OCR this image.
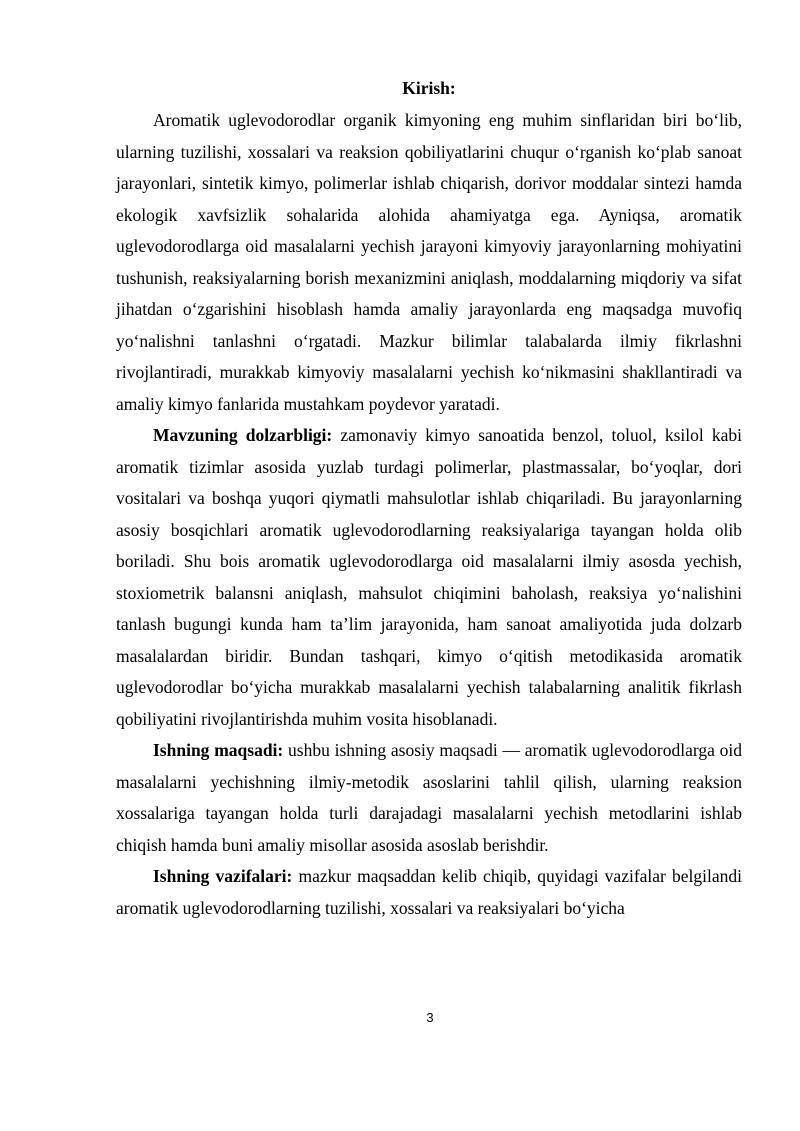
Kirish:

Aromatik uglevodorodlar organik kimyoning eng muhim sinflaridan biri bo‘lib, ularning tuzilishi, xossalari va reaksion qobiliyatlarini chuqur o‘rganish ko‘plab sanoat jarayonlari, sintetik kimyo, polimerlar ishlab chiqarish, dorivor moddalar sintezi hamda ekologik xavfsizlik sohalarida alohida ahamiyatga ega. Ayniqsa, aromatik uglevodorodlarga oid masalalarni yechish jarayoni kimyoviy jarayonlarning mohiyatini tushunish, reaksiyalarning borish mexanizmini aniqlash, moddalarning miqdoriy va sifat jihatdan o‘zgarishini hisoblash hamda amaliy jarayonlarda eng maqsadga muvofiq yo‘nalishni tanlashni o‘rgatadi. Mazkur bilimlar talabalarda ilmiy fikrlashni rivojlantiradi, murakkab kimyoviy masalalarni yechish ko‘nikmasini shakllantiradi va amaliy kimyo fanlarida mustahkam poydevor yaratadi.

Mavzuning dolzarbligi: zamonaviy kimyo sanoatida benzol, toluol, ksilol kabi aromatik tizimlar asosida yuzlab turdagi polimerlar, plastmassalar, bo‘yoqlar, dori vositalari va boshqa yuqori qiymatli mahsulotlar ishlab chiqariladi. Bu jarayonlarning asosiy bosqichlari aromatik uglevodorodlarning reaksiyalariga tayangan holda olib boriladi. Shu bois aromatik uglevodorodlarga oid masalalarni ilmiy asosda yechish, stoxiometrik balansni aniqlash, mahsulot chiqimini baholash, reaksiya yo‘nalishini tanlash bugungi kunda ham ta’lim jarayonida, ham sanoat amaliyotida juda dolzarb masalalardan biridir. Bundan tashqari, kimyo o‘qitish metodikasida aromatik uglevodorodlar bo‘yicha murakkab masalalarni yechish talabalarning analitik fikrlash qobiliyatini rivojlantirishda muhim vosita hisoblanadi.

Ishning maqsadi: ushbu ishning asosiy maqsadi — aromatik uglevodorodlarga oid masalalarni yechishning ilmiy-metodik asoslarini tahlil qilish, ularning reaksion xossalariga tayangan holda turli darajadagi masalalarni yechish metodlarini ishlab chiqish hamda buni amaliy misollar asosida asoslab berishdir.

Ishning vazifalari: mazkur maqsaddan kelib chiqib, quyidagi vazifalar belgilandi aromatik uglevodorodlarning tuzilishi, xossalari va reaksiyalari bo‘yicha

3
